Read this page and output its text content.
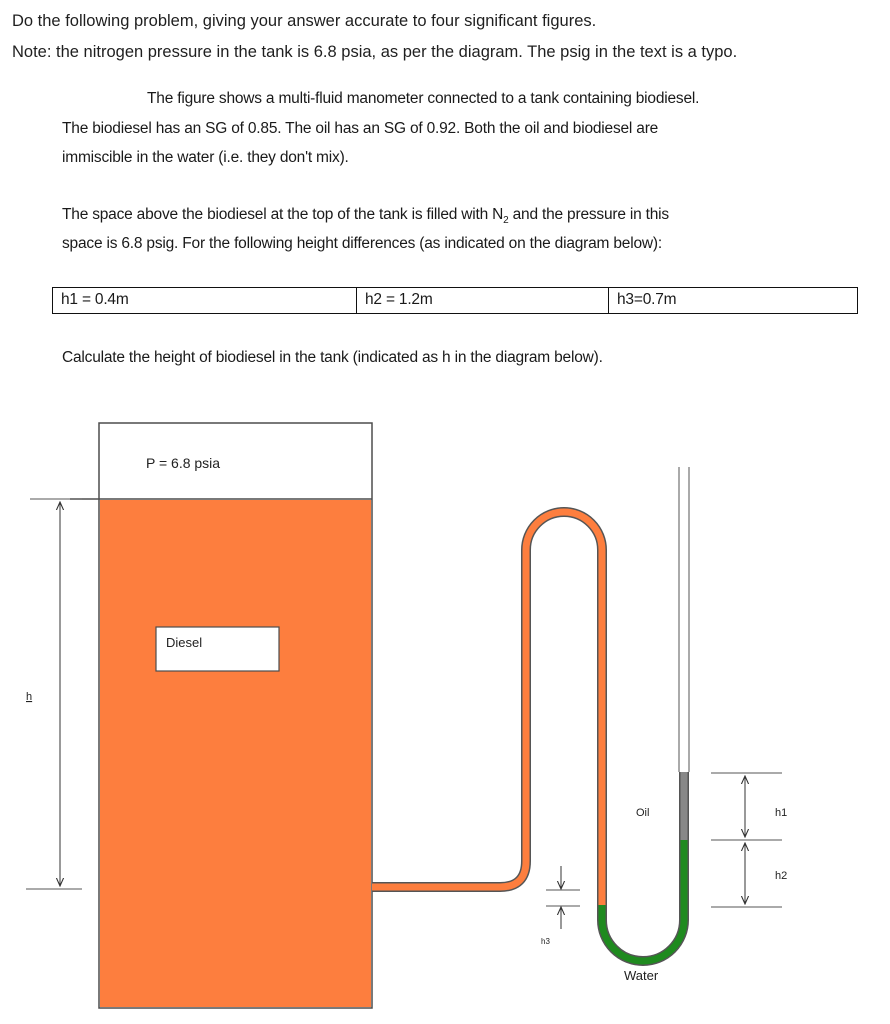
Do the following problem, giving your answer accurate to four significant figures.
Note: the nitrogen pressure in the tank is 6.8 psia, as per the diagram. The psig in the text is a typo.
The figure shows a multi-fluid manometer connected to a tank containing biodiesel.
The biodiesel has an SG of 0.85. The oil has an SG of 0.92. Both the oil and biodiesel are
immiscible in the water (i.e. they don't mix).
The space above the biodiesel at the top of the tank is filled with $N_2$ and the pressure in this
space is 6.8 psig. For the following height differences (as indicated on the diagram below):
h1 = 0.4m	h2 = 1.2m	h3=0.7m
Calculate the height of biodiesel in the tank (indicated as h in the diagram below).
P = 6.8 psia
Diesel
h
Oil
Water
h3
h1
h2
